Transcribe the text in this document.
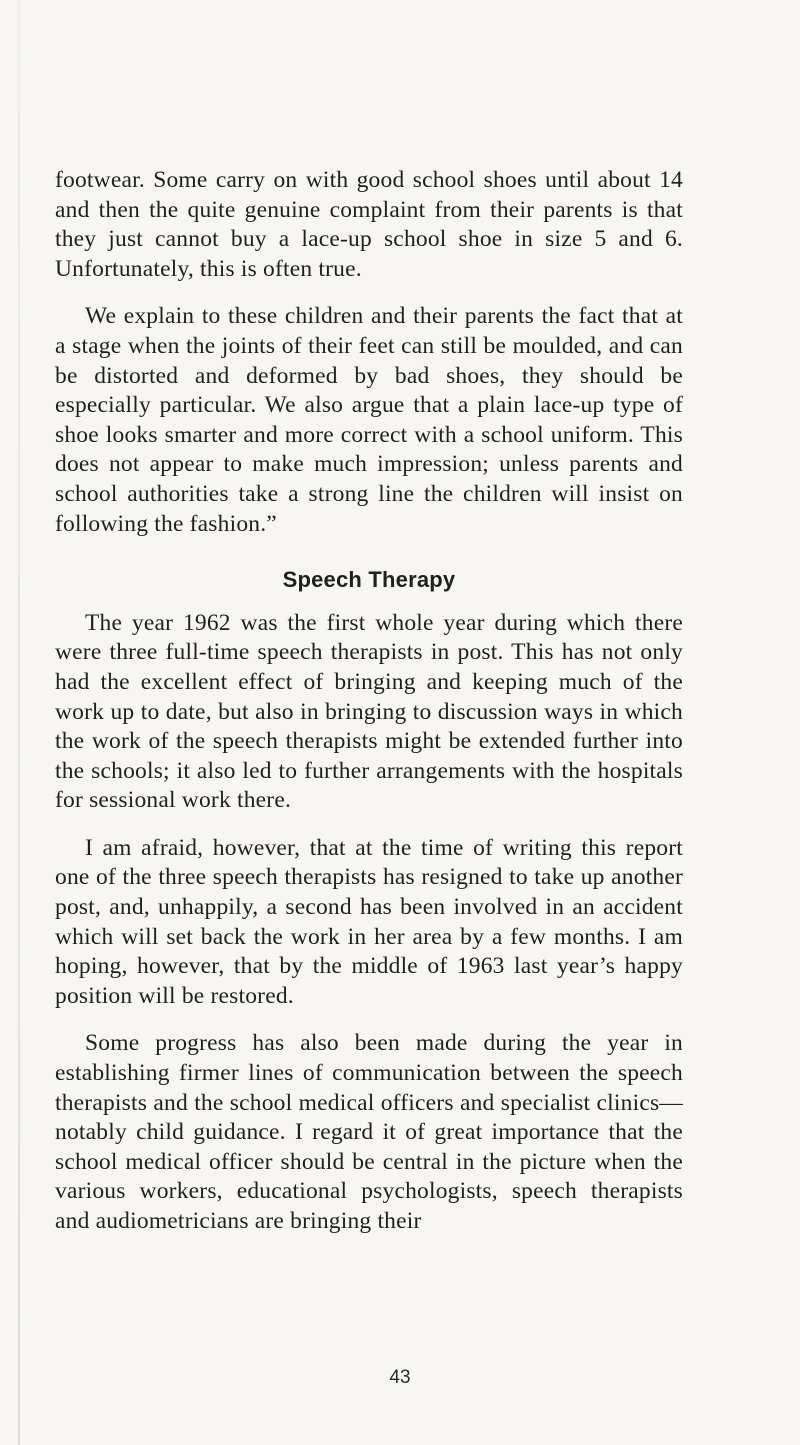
footwear. Some carry on with good school shoes until about 14 and then the quite genuine complaint from their parents is that they just cannot buy a lace-up school shoe in size 5 and 6. Unfortunately, this is often true.

We explain to these children and their parents the fact that at a stage when the joints of their feet can still be moulded, and can be distorted and deformed by bad shoes, they should be especially particular. We also argue that a plain lace-up type of shoe looks smarter and more correct with a school uniform. This does not appear to make much impression; unless parents and school authorities take a strong line the children will insist on following the fashion.”

Speech Therapy

The year 1962 was the first whole year during which there were three full-time speech therapists in post. This has not only had the excellent effect of bringing and keeping much of the work up to date, but also in bringing to discussion ways in which the work of the speech therapists might be extended further into the schools; it also led to further arrangements with the hospitals for sessional work there.

I am afraid, however, that at the time of writing this report one of the three speech therapists has resigned to take up another post, and, unhappily, a second has been involved in an accident which will set back the work in her area by a few months. I am hoping, however, that by the middle of 1963 last year’s happy position will be restored.

Some progress has also been made during the year in establishing firmer lines of communication between the speech therapists and the school medical officers and specialist clinics—notably child guidance. I regard it of great importance that the school medical officer should be central in the picture when the various workers, educational psychologists, speech therapists and audiometricians are bringing their

43
